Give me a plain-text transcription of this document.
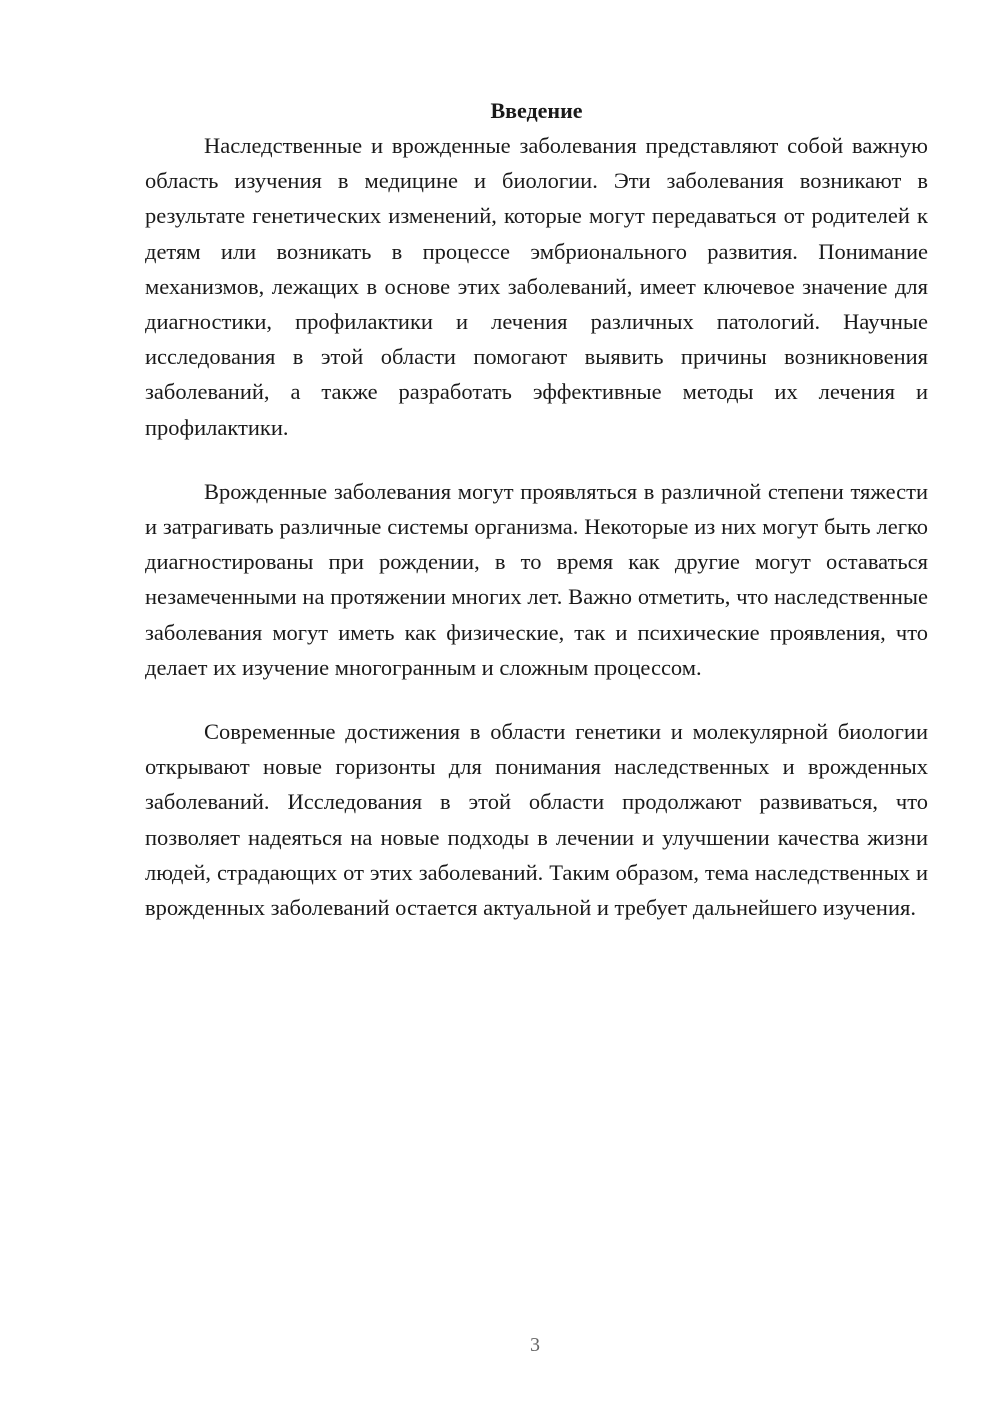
Введение

Наследственные и врожденные заболевания представляют собой важную область изучения в медицине и биологии. Эти заболевания возникают в результате генетических изменений, которые могут передаваться от родителей к детям или возникать в процессе эмбрионального развития. Понимание механизмов, лежащих в основе этих заболеваний, имеет ключевое значение для диагностики, профилактики и лечения различных патологий. Научные исследования в этой области помогают выявить причины возникновения заболеваний, а также разработать эффективные методы их лечения и профилактики.

Врожденные заболевания могут проявляться в различной степени тяжести и затрагивать различные системы организма. Некоторые из них могут быть легко диагностированы при рождении, в то время как другие могут оставаться незамеченными на протяжении многих лет. Важно отметить, что наследственные заболевания могут иметь как физические, так и психические проявления, что делает их изучение многогранным и сложным процессом.

Современные достижения в области генетики и молекулярной биологии открывают новые горизонты для понимания наследственных и врожденных заболеваний. Исследования в этой области продолжают развиваться, что позволяет надеяться на новые подходы в лечении и улучшении качества жизни людей, страдающих от этих заболеваний. Таким образом, тема наследственных и врожденных заболеваний остается актуальной и требует дальнейшего изучения.

3
